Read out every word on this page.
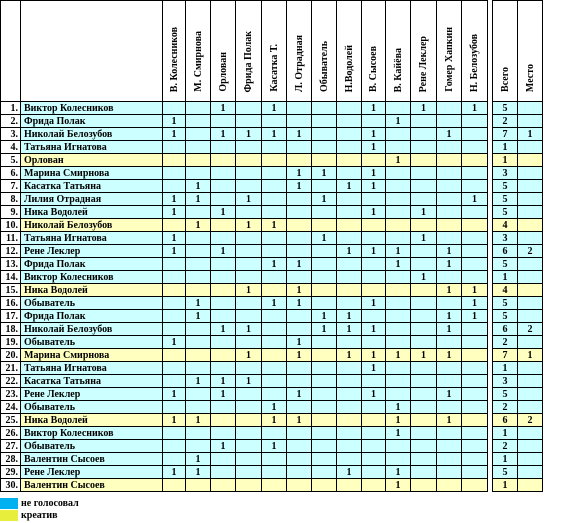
		В. Колесников	М. Смирнова	Орлован	Фрида Полак	Касатка Т.	Л. Отрадная	Обыватель	Н.Водолей	В. Сысоев	В. Кайёва	Рене Леклер	Гомер Хапкин	Н. Белозубов		Всего	Место
1.	Виктор Колесников			1		1				1		1		1		5	
2.	Фрида Полак	1									1					2	
3.	Николай Белозубов	1		1	1	1	1			1			1			7	1
4.	Татьяна Игнатова									1						1	
5.	Орлован										1					1	
6.	Марина Смирнова						1	1		1						3	
7.	Касатка Татьяна		1				1		1	1						5	
8.	Лилия Отрадная	1	1		1			1						1		5	
9.	Ника Водолей	1		1						1		1				5	
10.	Николай Белозубов		1		1	1										4	
11.	Татьяна Игнатова	1						1				1				3	
12.	Рене Леклер	1		1					1	1	1		1			6	2
13.	Фрида Полак					1	1				1		1			5	
14.	Виктор Колесников											1				1	
15.	Ника Водолей				1		1						1	1		4	
16.	Обыватель		1			1	1			1				1		5	
17.	Фрида Полак		1					1	1				1	1		5	
18.	Николай Белозубов			1	1			1	1	1			1			6	2
19.	Обыватель	1					1									2	
20.	Марина Смирнова				1		1		1	1	1	1	1			7	1
21.	Татьяна Игнатова									1						1	
22.	Касатка Татьяна		1	1	1											3	
23.	Рене Леклер	1		1			1			1			1			5	
24.	Обыватель					1					1					2	
25.	Ника Водолей	1	1			1	1				1		1			6	2
26.	Виктор Колесников										1					1	
27.	Обыватель			1		1										2	
28.	Валентин Сысоев		1													1	
29.	Рене Леклер	1	1						1		1					5	
30.	Валентин Сысоев										1					1	
не голосовал
креатив
